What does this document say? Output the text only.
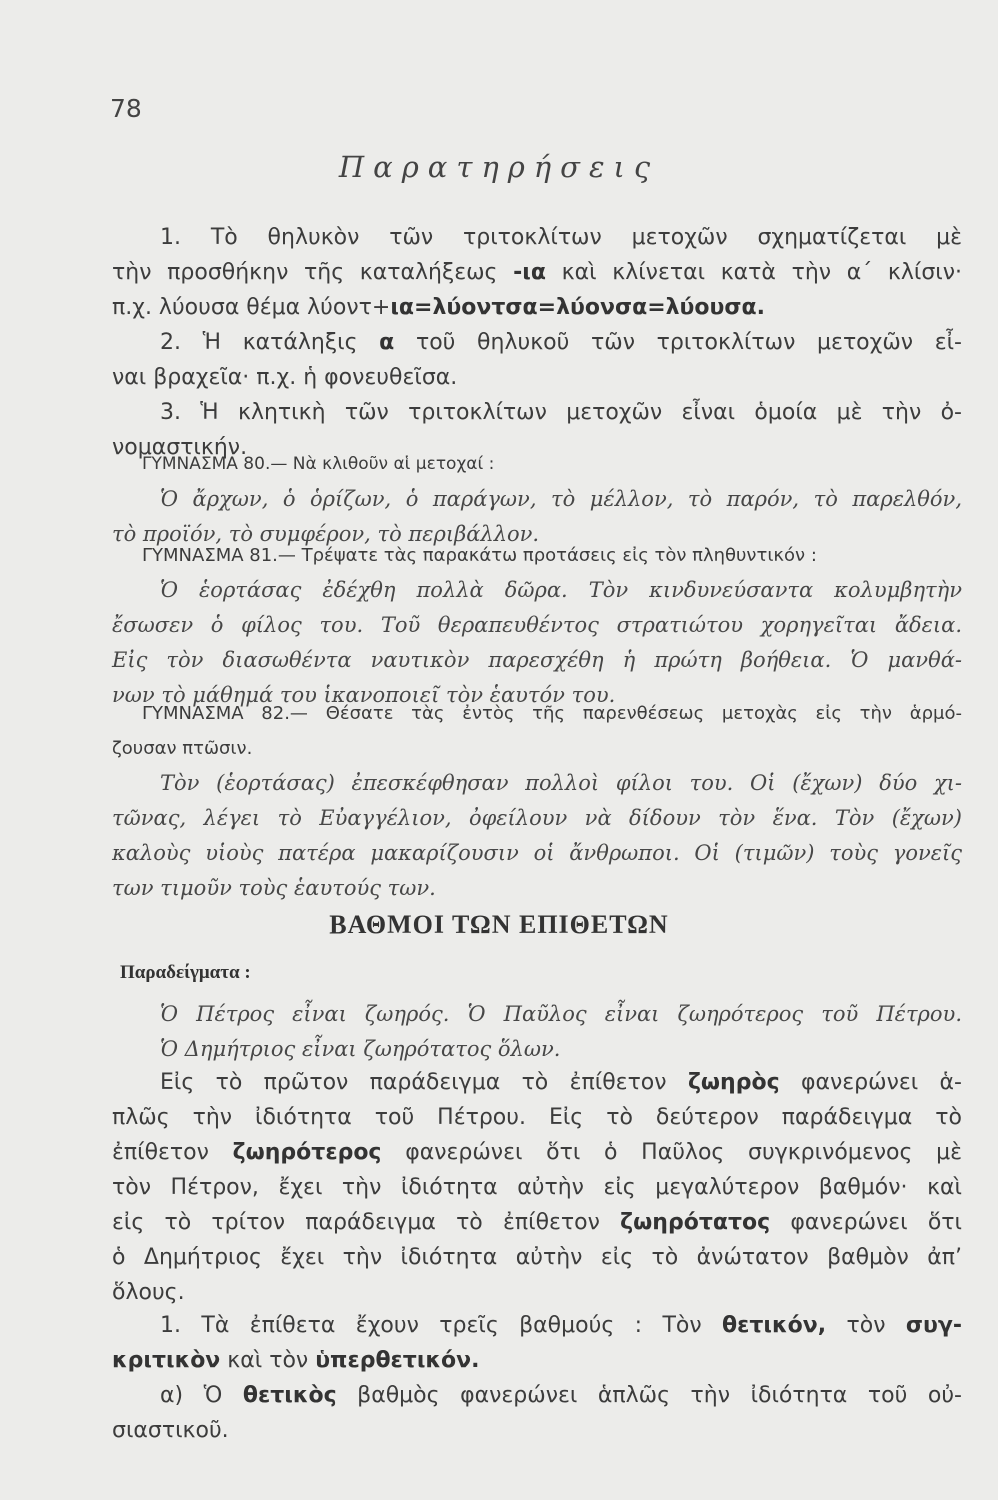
78
Παρατηρήσεις
1. Τὸ θηλυκὸν τῶν τριτοκλίτων μετοχῶν σχηματίζεται μὲ
τὴν προσθήκην τῆς καταλήξεως -ια καὶ κλίνεται κατὰ τὴν α΄ κλίσιν·
π.χ. λύουσα θέμα λύοντ+ια=λύοντσα=λύονσα=λύουσα.
2. Ἡ κατάληξις α τοῦ θηλυκοῦ τῶν τριτοκλίτων μετοχῶν εἶ-
ναι βραχεῖα· π.χ. ἡ φονευθεῖσα.
3. Ἡ κλητικὴ τῶν τριτοκλίτων μετοχῶν εἶναι ὁμοία μὲ τὴν ὀ-
νομαστικήν.
ΓΥΜΝΑΣΜΑ 80.— Νὰ κλιθοῦν αἱ μετοχαί :
Ὁ ἄρχων, ὁ ὁρίζων, ὁ παράγων, τὸ μέλλον, τὸ παρόν, τὸ παρελθόν,
τὸ προϊόν, τὸ συμφέρον, τὸ περιβάλλον.
ΓΥΜΝΑΣΜΑ 81.— Τρέψατε τὰς παρακάτω προτάσεις εἰς τὸν πληθυντικόν :
Ὁ ἑορτάσας ἐδέχθη πολλὰ δῶρα. Τὸν κινδυνεύσαντα κολυμβητὴν
ἔσωσεν ὁ φίλος του. Τοῦ θεραπευθέντος στρατιώτου χορηγεῖται ἄδεια.
Εἰς τὸν διασωθέντα ναυτικὸν παρεσχέθη ἡ πρώτη βοήθεια. Ὁ μανθά-
νων τὸ μάθημά του ἱκανοποιεῖ τὸν ἑαυτόν του.
ΓΥΜΝΑΣΜΑ 82.— Θέσατε τὰς ἐντὸς τῆς παρενθέσεως μετοχὰς εἰς τὴν ἁρμό-
ζουσαν πτῶσιν.
Τὸν (ἑορτάσας) ἐπεσκέφθησαν πολλοὶ φίλοι του. Οἱ (ἔχων) δύο χι-
τῶνας, λέγει τὸ Εὐαγγέλιον, ὀφείλουν νὰ δίδουν τὸν ἕνα. Τὸν (ἔχων)
καλοὺς υἱοὺς πατέρα μακαρίζουσιν οἱ ἄνθρωποι. Οἱ (τιμῶν) τοὺς γονεῖς
των τιμοῦν τοὺς ἑαυτούς των.
ΒΑΘΜΟΙ ΤΩΝ ΕΠΙΘΕΤΩΝ
Παραδείγματα :
Ὁ Πέτρος εἶναι ζωηρός. Ὁ Παῦλος εἶναι ζωηρότερος τοῦ Πέτρου.
Ὁ Δημήτριος εἶναι ζωηρότατος ὅλων.
Εἰς τὸ πρῶτον παράδειγμα τὸ ἐπίθετον ζωηρὸς φανερώνει ἁ-
πλῶς τὴν ἰδιότητα τοῦ Πέτρου. Εἰς τὸ δεύτερον παράδειγμα τὸ
ἐπίθετον ζωηρότερος φανερώνει ὅτι ὁ Παῦλος συγκρινόμενος μὲ
τὸν Πέτρον, ἔχει τὴν ἰδιότητα αὐτὴν εἰς μεγαλύτερον βαθμόν· καὶ
εἰς τὸ τρίτον παράδειγμα τὸ ἐπίθετον ζωηρότατος φανερώνει ὅτι
ὁ Δημήτριος ἔχει τὴν ἰδιότητα αὐτὴν εἰς τὸ ἀνώτατον βαθμὸν ἀπ’
ὅλους.
1. Τὰ ἐπίθετα ἔχουν τρεῖς βαθμούς : Τὸν θετικόν, τὸν συγ-
κριτικὸν καὶ τὸν ὑπερθετικόν.
α) Ὁ θετικὸς βαθμὸς φανερώνει ἁπλῶς τὴν ἰδιότητα τοῦ οὐ-
σιαστικοῦ.
